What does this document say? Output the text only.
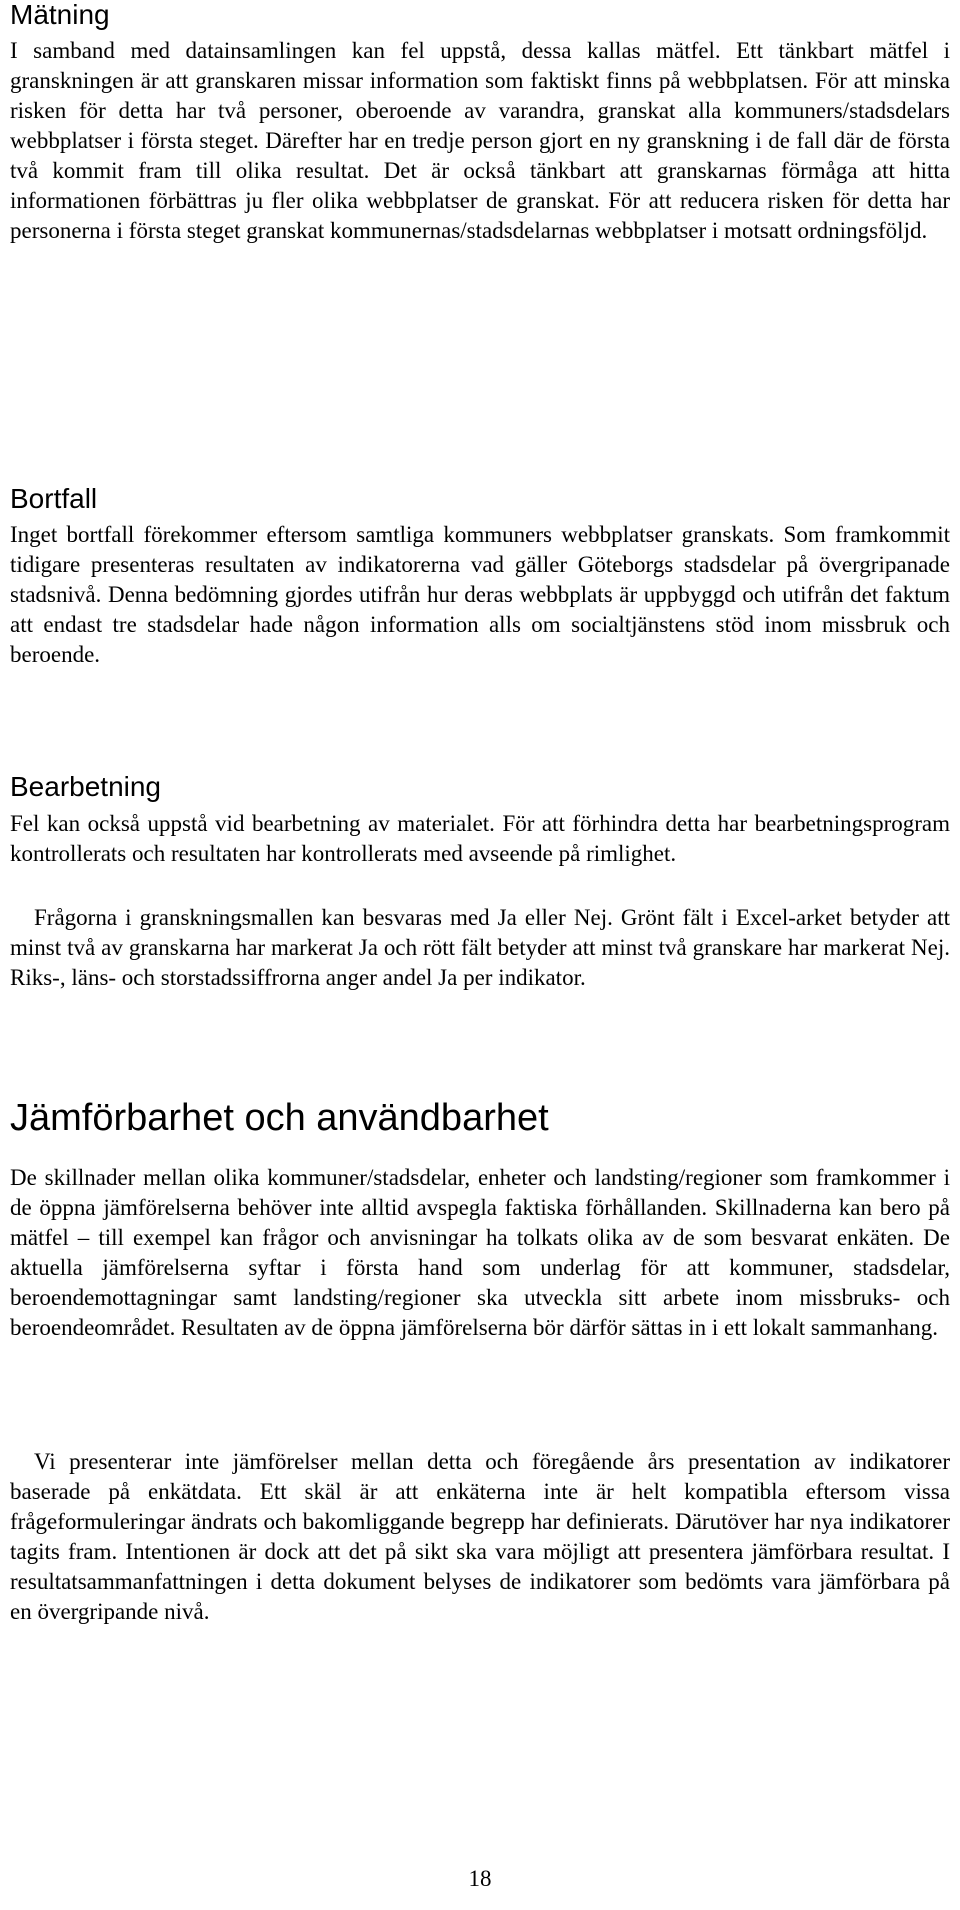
Mätning

I samband med datainsamlingen kan fel uppstå, dessa kallas mätfel. Ett tänkbart mätfel i granskningen är att granskaren missar information som faktiskt finns på webbplatsen. För att minska risken för detta har två personer, oberoende av varandra, granskat alla kommuners/stadsdelars webbplatser i första steget. Därefter har en tredje person gjort en ny granskning i de fall där de första två kommit fram till olika resultat. Det är också tänkbart att granskarnas förmåga att hitta informationen förbättras ju fler olika webbplatser de granskat. För att reducera risken för detta har personerna i första steget granskat kommunernas/stadsdelarnas webbplatser i motsatt ordningsföljd.

Bortfall

Inget bortfall förekommer eftersom samtliga kommuners webbplatser granskats. Som framkommit tidigare presenteras resultaten av indikatorerna vad gäller Göteborgs stadsdelar på övergripanade stadsnivå. Denna bedömning gjordes utifrån hur deras webbplats är uppbyggd och utifrån det faktum att endast tre stadsdelar hade någon information alls om socialtjänstens stöd inom missbruk och beroende.

Bearbetning

Fel kan också uppstå vid bearbetning av materialet. För att förhindra detta har bearbetningsprogram kontrollerats och resultaten har kontrollerats med avseende på rimlighet.

Frågorna i granskningsmallen kan besvaras med Ja eller Nej. Grönt fält i Excel-arket betyder att minst två av granskarna har markerat Ja och rött fält betyder att minst två granskare har markerat Nej. Riks-, läns- och storstadssiffrorna anger andel Ja per indikator.

Jämförbarhet och användbarhet

De skillnader mellan olika kommuner/stadsdelar, enheter och landsting/regioner som framkommer i de öppna jämförelserna behöver inte alltid avspegla faktiska förhållanden. Skillnaderna kan bero på mätfel – till exempel kan frågor och anvisningar ha tolkats olika av de som besvarat enkäten. De aktuella jämförelserna syftar i första hand som underlag för att kommuner, stadsdelar, beroendemottagningar samt landsting/regioner ska utveckla sitt arbete inom missbruks- och beroendeområdet. Resultaten av de öppna jämförelserna bör därför sättas in i ett lokalt sammanhang.

Vi presenterar inte jämförelser mellan detta och föregående års presentation av indikatorer baserade på enkätdata. Ett skäl är att enkäterna inte är helt kompatibla eftersom vissa frågeformuleringar ändrats och bakomliggande begrepp har definierats. Därutöver har nya indikatorer tagits fram. Intentionen är dock att det på sikt ska vara möjligt att presentera jämförbara resultat. I resultatsammanfattningen i detta dokument belyses de indikatorer som bedömts vara jämförbara på en övergripande nivå.

18
